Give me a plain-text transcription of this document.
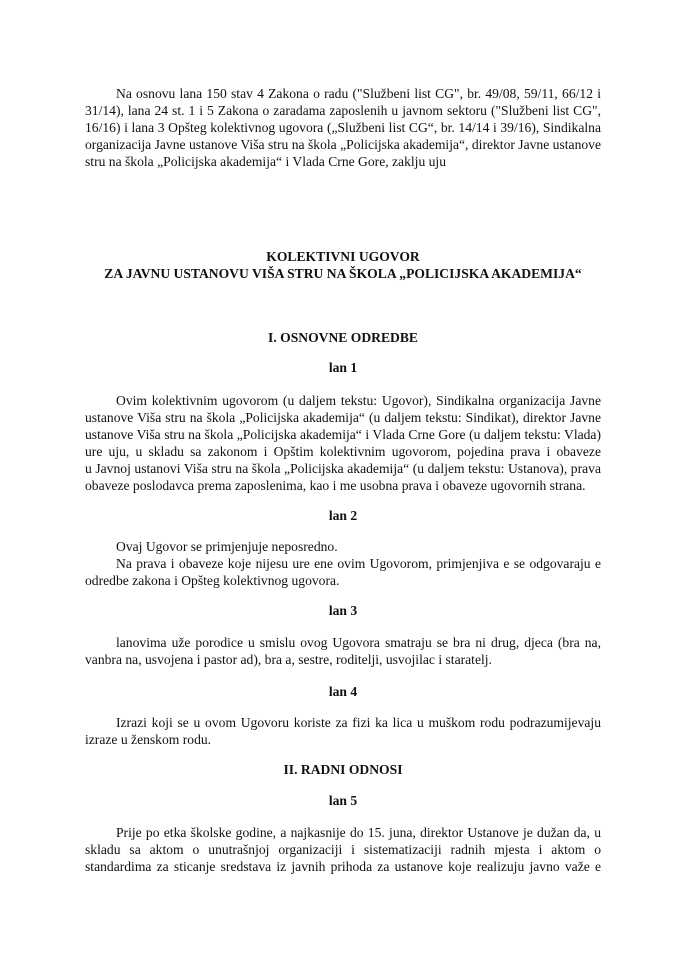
Na osnovu lana 150 stav 4 Zakona o radu ("Službeni list CG", br. 49/08, 59/11, 66/12 i
31/14), lana 24 st. 1 i 5 Zakona o zaradama zaposlenih u javnom sektoru ("Službeni list CG",
16/16) i lana 3 Opšteg kolektivnog ugovora („Službeni list CG“, br. 14/14 i 39/16), Sindikalna
organizacija Javne ustanove Viša stru na škola „Policijska akademija“, direktor Javne ustanove
stru na škola „Policijska akademija“ i Vlada Crne Gore, zaklju uju
KOLEKTIVNI UGOVOR
ZA JAVNU USTANOVU VIŠA STRU NA ŠKOLA „POLICIJSKA AKADEMIJA“
I. OSNOVNE ODREDBE
lan 1
Ovim kolektivnim ugovorom (u daljem tekstu: Ugovor), Sindikalna organizacija Javne
ustanove Viša stru na škola „Policijska akademija“ (u daljem tekstu: Sindikat), direktor Javne
ustanove Viša stru na škola „Policijska akademija“ i Vlada Crne Gore (u daljem tekstu: Vlada)
ure uju, u skladu sa zakonom i Opštim kolektivnim ugovorom, pojedina prava i obaveze
u Javnoj ustanovi Viša stru na škola „Policijska akademija“ (u daljem tekstu: Ustanova), prava
obaveze poslodavca prema zaposlenima, kao i me usobna prava i obaveze ugovornih strana.
lan 2
Ovaj Ugovor se primjenjuje neposredno.
Na prava i obaveze koje nijesu ure ene ovim Ugovorom, primjenjiva e se odgovaraju e
odredbe zakona i Opšteg kolektivnog ugovora.
lan 3
lanovima uže porodice u smislu ovog Ugovora smatraju se bra ni drug, djeca (bra na,
vanbra na, usvojena i pastor ad), bra a, sestre, roditelji, usvojilac i staratelj.
lan 4
Izrazi koji se u ovom Ugovoru koriste za fizi ka lica u muškom rodu podrazumijevaju
izraze u ženskom rodu.
II. RADNI ODNOSI
lan 5
Prije po etka školske godine, a najkasnije do 15. juna, direktor Ustanove je dužan da, u
skladu sa aktom o unutrašnjoj organizaciji i sistematizaciji radnih mjesta i aktom o
standardima za sticanje sredstava iz javnih prihoda za ustanove koje realizuju javno važe e
